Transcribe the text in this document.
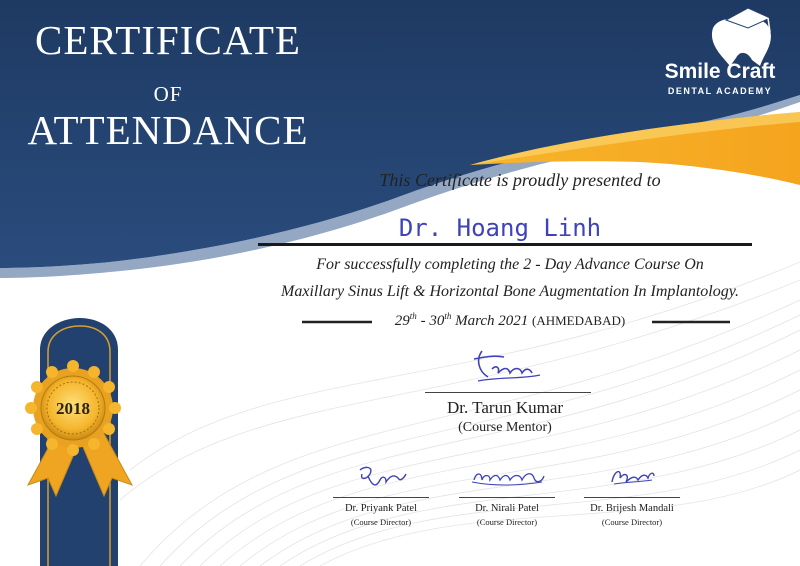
CERTIFICATE
OF
ATTENDANCE
Smile Craft
DENTAL ACADEMY
This Certificate is proudly presented to
Dr. Hoang Linh
For successfully completing the 2 - Day Advance Course On
Maxillary Sinus Lift & Horizontal Bone Augmentation In Implantology.
29th - 30th March 2021 (AHMEDABAD)
2018	Dr. Tarun Kumar
(Course Mentor)
Dr. Priyank Patel
(Course Director)
Dr. Nirali Patel
(Course Director)
Dr. Brijesh Mandali
(Course Director)
